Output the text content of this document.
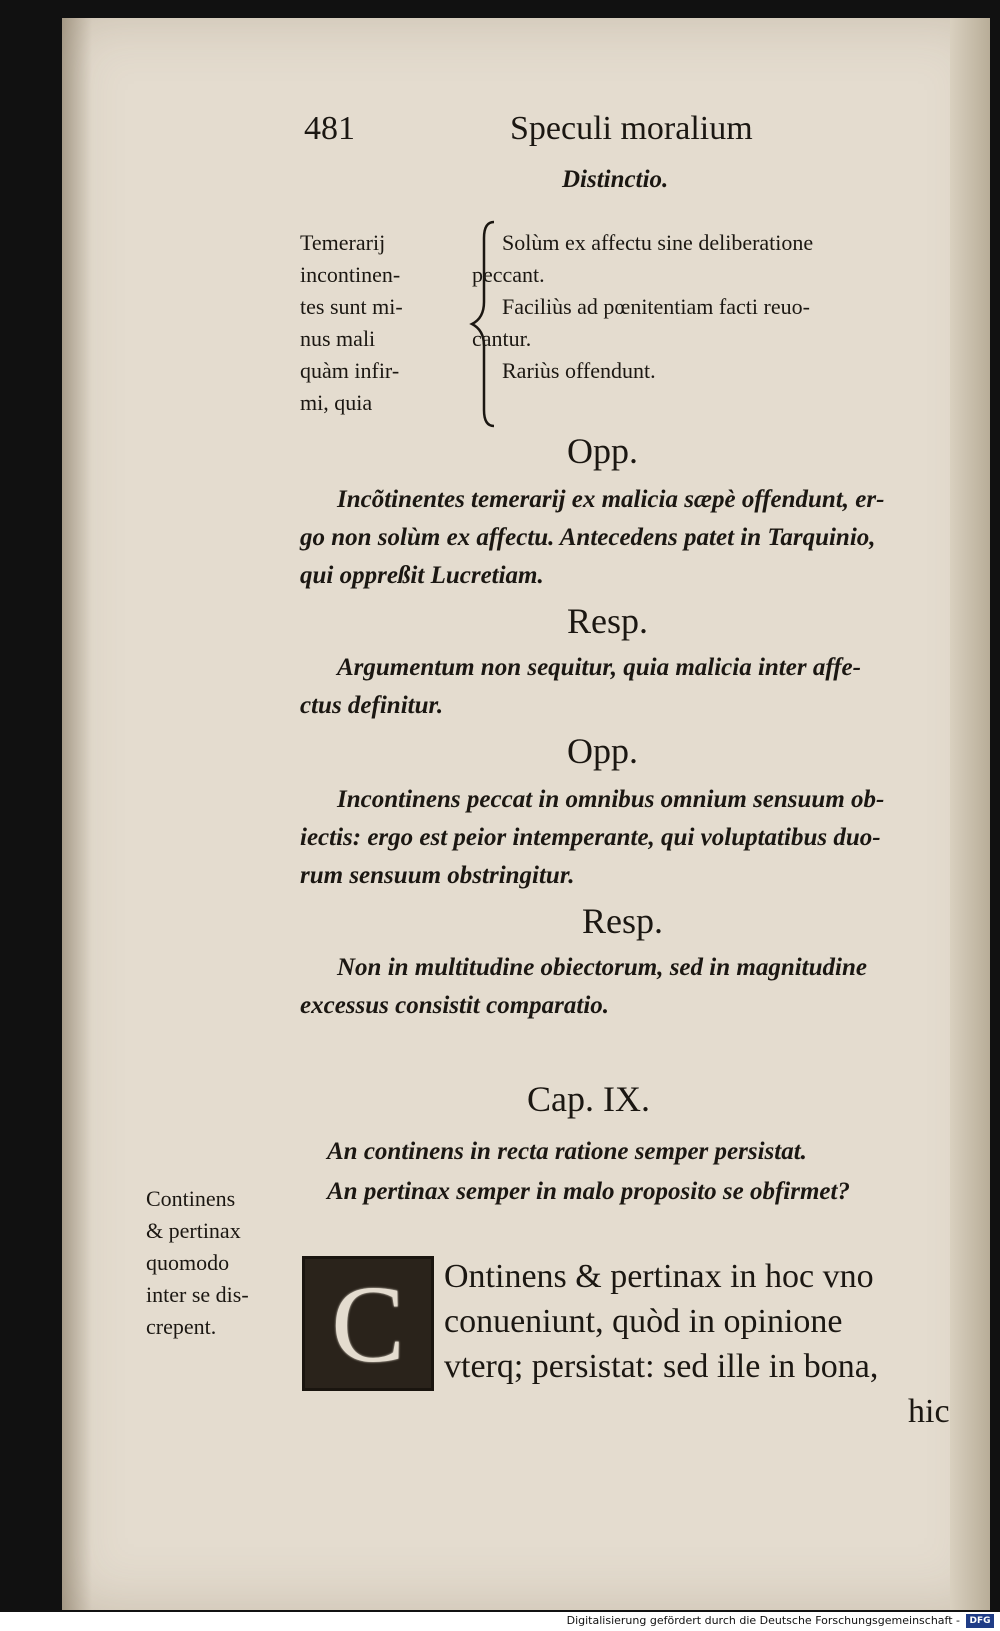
481	Speculi moralium
Distinctio.
Temerarij
incontinen-
tes sunt mi-
nus mali
quàm infir-
mi, quia
Solùm ex affectu sine deliberatione
peccant.
Faciliùs ad pœnitentiam facti reuo-
cantur.
Rariùs offendunt.
Opp.
Incõtinentes temerarij ex malicia sæpè offendunt, er-
go non solùm ex affectu. Antecedens patet in Tarquinio,
qui oppreßit Lucretiam.
Resp.
Argumentum non sequitur, quia malicia inter affe-
ctus definitur.
Opp.
Incontinens peccat in omnibus omnium sensuum ob-
iectis: ergo est peior intemperante, qui voluptatibus duo-
rum sensuum obstringitur.
Resp.
Non in multitudine obiectorum, sed in magnitudine
excessus consistit comparatio.
Cap. IX.
An continens in recta ratione semper persistat.
An pertinax semper in malo proposito se obfirmet?
Continens
& pertinax
quomodo
inter se dis-
crepent. C Ontinens & pertinax in hoc vno
conueniunt, quòd in opinione
vterq; persistat: sed ille in bona,
hic
Digitalisierung gefördert durch die Deutsche Forschungsgemeinschaft -	DFG
